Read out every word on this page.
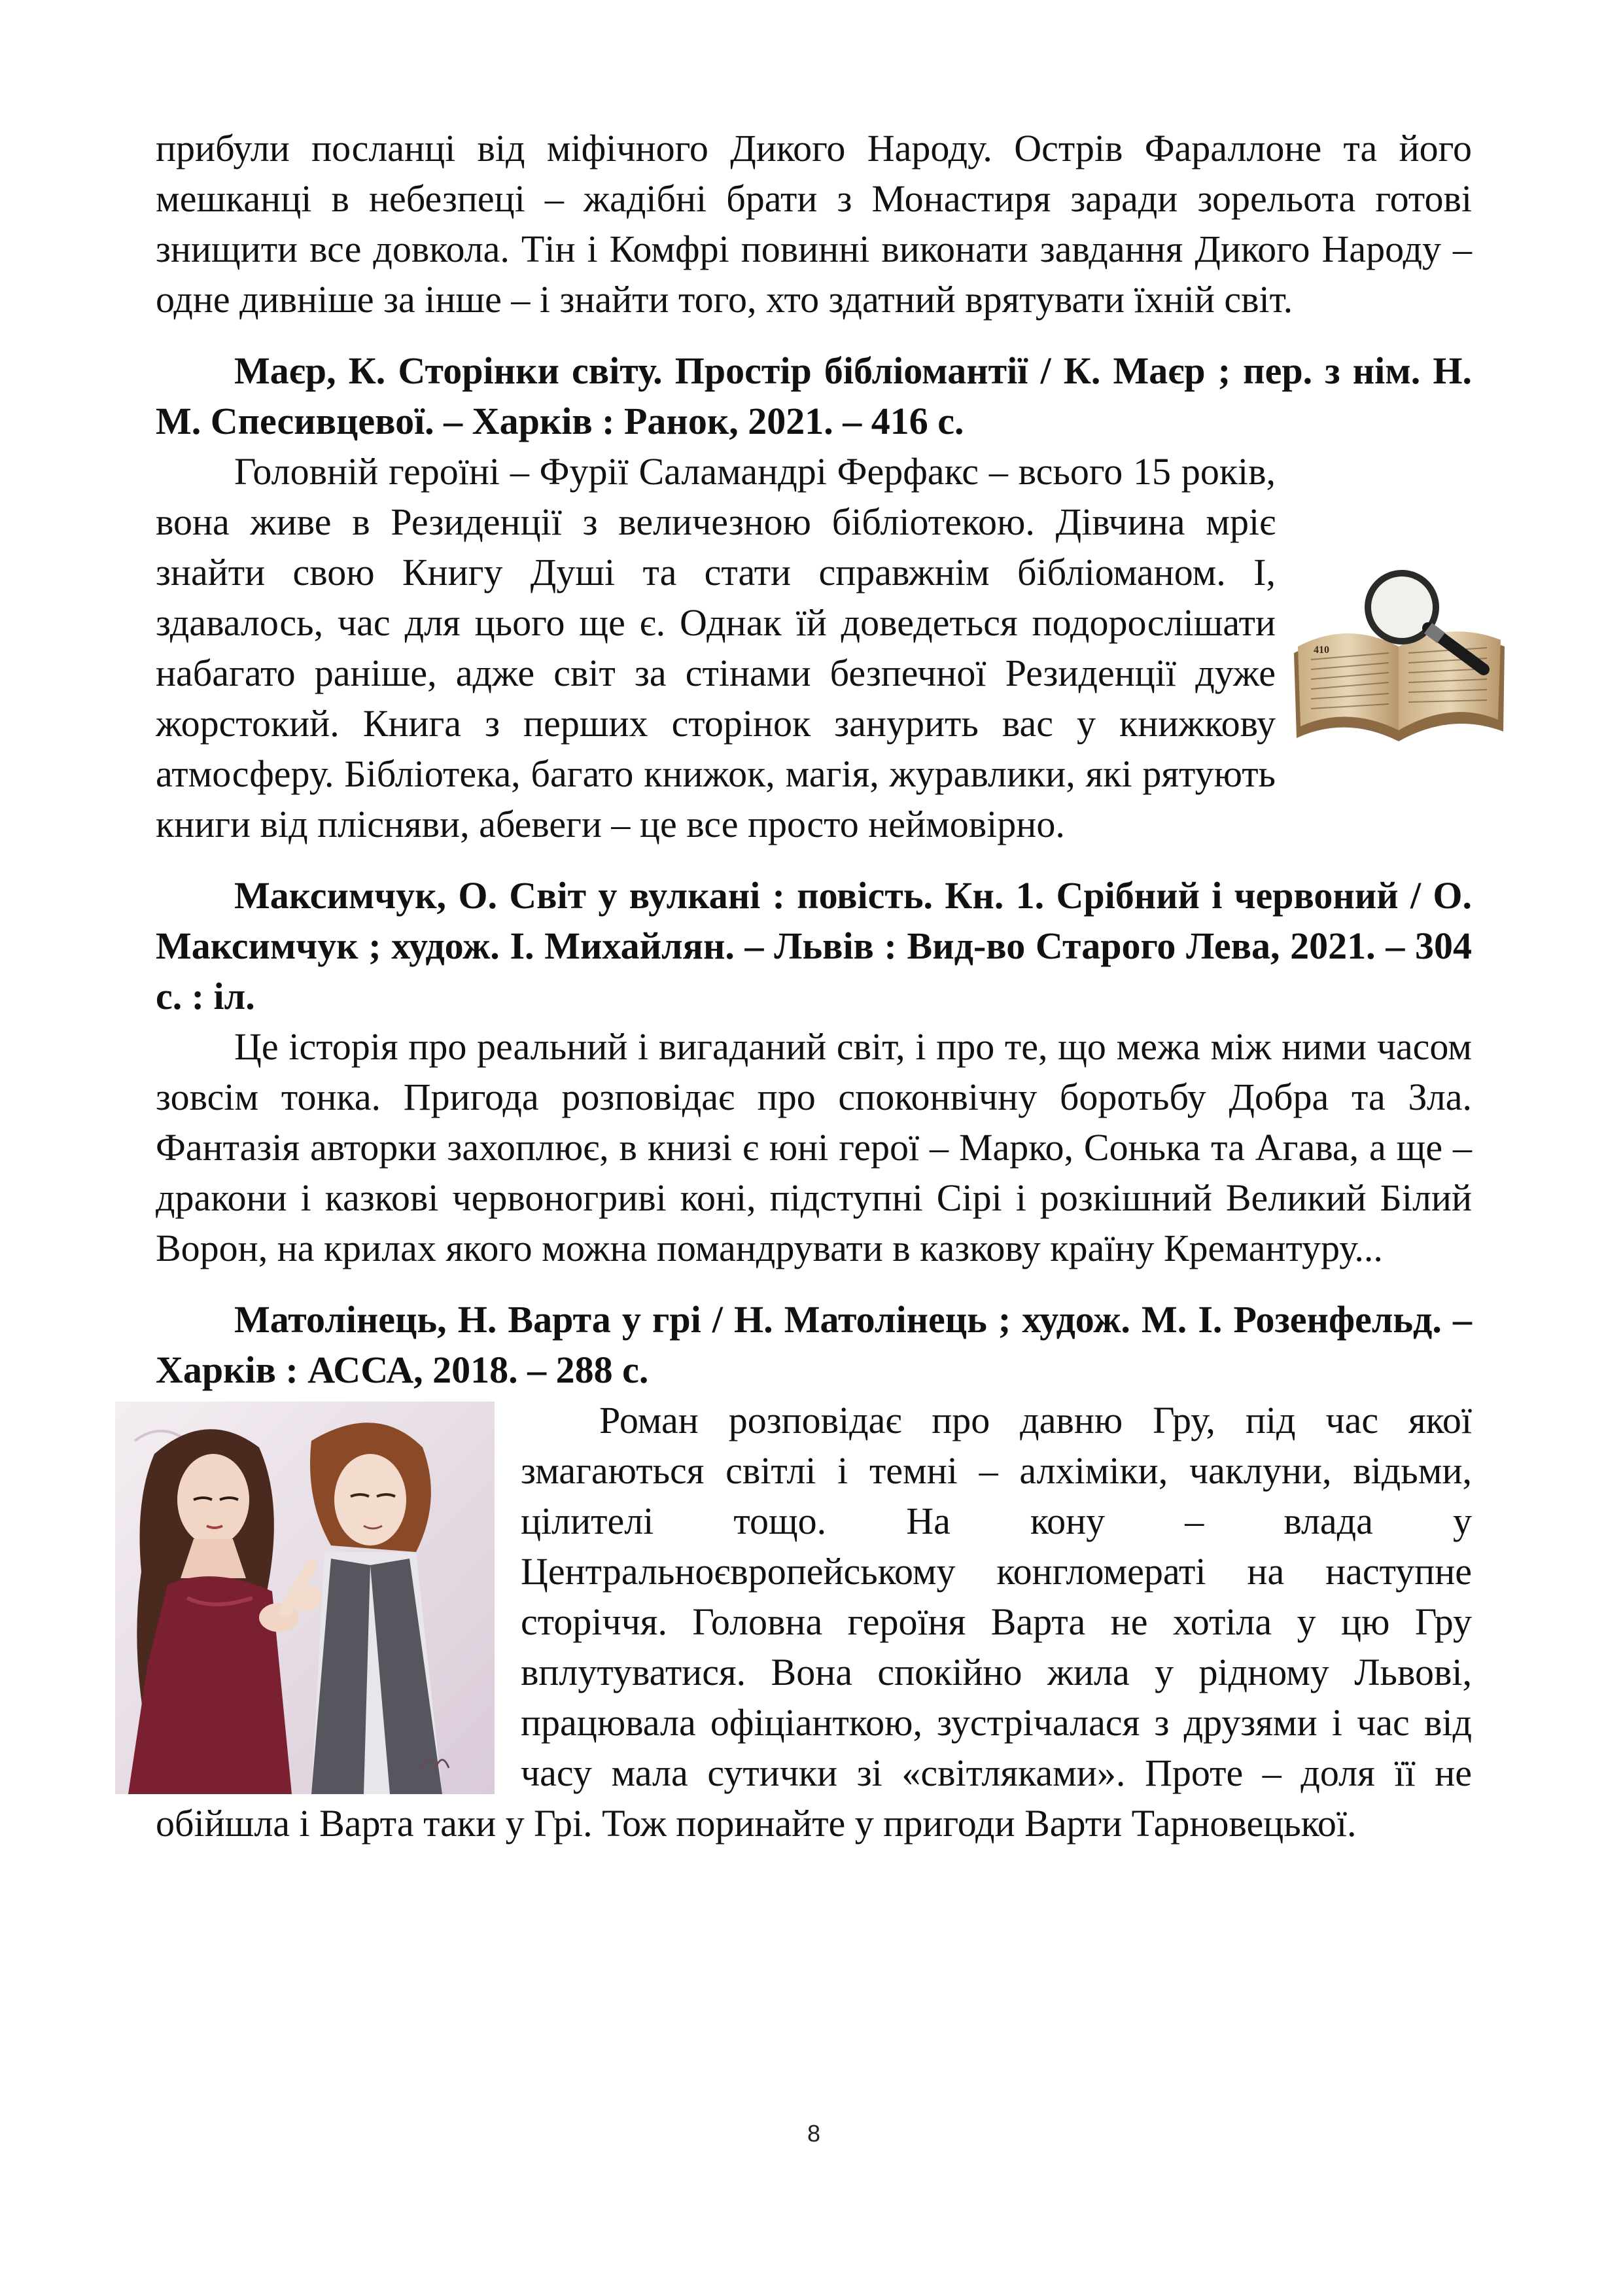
прибули посланці від міфічного Дикого Народу. Острів Фараллоне та його мешканці в небезпеці – жадібні брати з Монастиря заради зорельота готові знищити все довкола. Тін і Комфрі повинні виконати завдання Дикого Народу – одне дивніше за інше – і знайти того, хто здатний врятувати їхній світ.

Маєр, К. Сторінки світу. Простір бібліомантії / К. Маєр ; пер. з нім. Н. М. Спесивцевої. – Харків : Ранок, 2021. – 416 с.

410

Головній героїні – Фурії Саламандрі Ферфакс – всього 15 років, вона живе в Резиденції з величезною бібліотекою. Дівчина мріє знайти свою Книгу Душі та стати справжнім бібліоманом. І, здавалось, час для цього ще є. Однак їй доведеться подорослішати набагато раніше, адже світ за стінами безпечної Резиденції дуже жорстокий. Книга з перших сторінок занурить вас у книжкову атмосферу. Бібліотека, багато книжок, магія, журавлики, які рятують книги від плісняви, абевеги – це все просто неймовірно.

Максимчук, О. Світ у вулкані : повість. Кн. 1. Срібний і червоний / О. Максимчук ; худож. І. Михайлян. – Львів : Вид-во Старого Лева, 2021. – 304 с. : іл.

Це історія про реальний і вигаданий світ, і про те, що межа між ними часом зовсім тонка. Пригода розповідає про споконвічну боротьбу Добра та Зла. Фантазія авторки захоплює, в книзі є юні герої – Марко, Сонька та Агава, а ще – дракони і казкові червоногриві коні, підступні Сірі і розкішний Великий Білий Ворон, на крилах якого можна помандрувати в казкову країну Кремантуру...

Матолінець, Н. Варта у грі / Н. Матолінець ; худож. М. І. Розенфельд. – Харків : АССА, 2018. – 288 с.

Роман розповідає про давню Гру, під час якої змагаються світлі і темні – алхіміки, чаклуни, відьми, цілителі тощо. На кону – влада у Центральноєвропейському конгломераті на наступне сторіччя. Головна героїня Варта не хотіла у цю Гру вплутуватися. Вона спокійно жила у рідному Львові, працювала офіціанткою, зустрічалася з друзями і час від часу мала сутички зі «світляками». Проте – доля її не обійшла і Варта таки у Грі. Тож поринайте у пригоди Варти Тарновецької.

8
